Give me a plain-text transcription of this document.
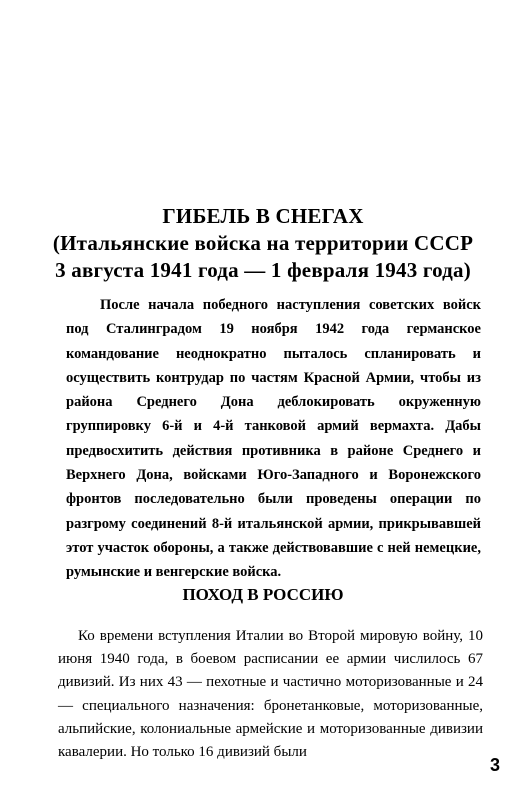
ГИБЕЛЬ В СНЕГАХ
(Итальянские войска на территории СССР
3 августа 1941 года — 1 февраля 1943 года)

После начала победного наступления советских войск под Сталинградом 19 ноября 1942 года германское командование неоднократно пыталось спланировать и осуществить контрудар по частям Красной Армии, чтобы из района Среднего Дона деблокировать окруженную группировку 6-й и 4-й танковой армий вермахта. Дабы предвосхитить действия противника в районе Среднего и Верхнего Дона, войсками Юго-Западного и Воронежского фронтов последовательно были проведены операции по разгрому соединений 8-й итальянской армии, прикрывавшей этот участок обороны, а также действовавшие с ней немецкие, румынские и венгерские войска.

ПОХОД В РОССИЮ

Ко времени вступления Италии во Второй мировую войну, 10 июня 1940 года, в боевом расписании ее армии числилось 67 дивизий. Из них 43 — пехотные и частично моторизованные и 24 — специального назначения: бронетанковые, моторизованные, альпийские, колониальные армейские и моторизованные дивизии кавалерии. Но только 16 дивизий были

3
